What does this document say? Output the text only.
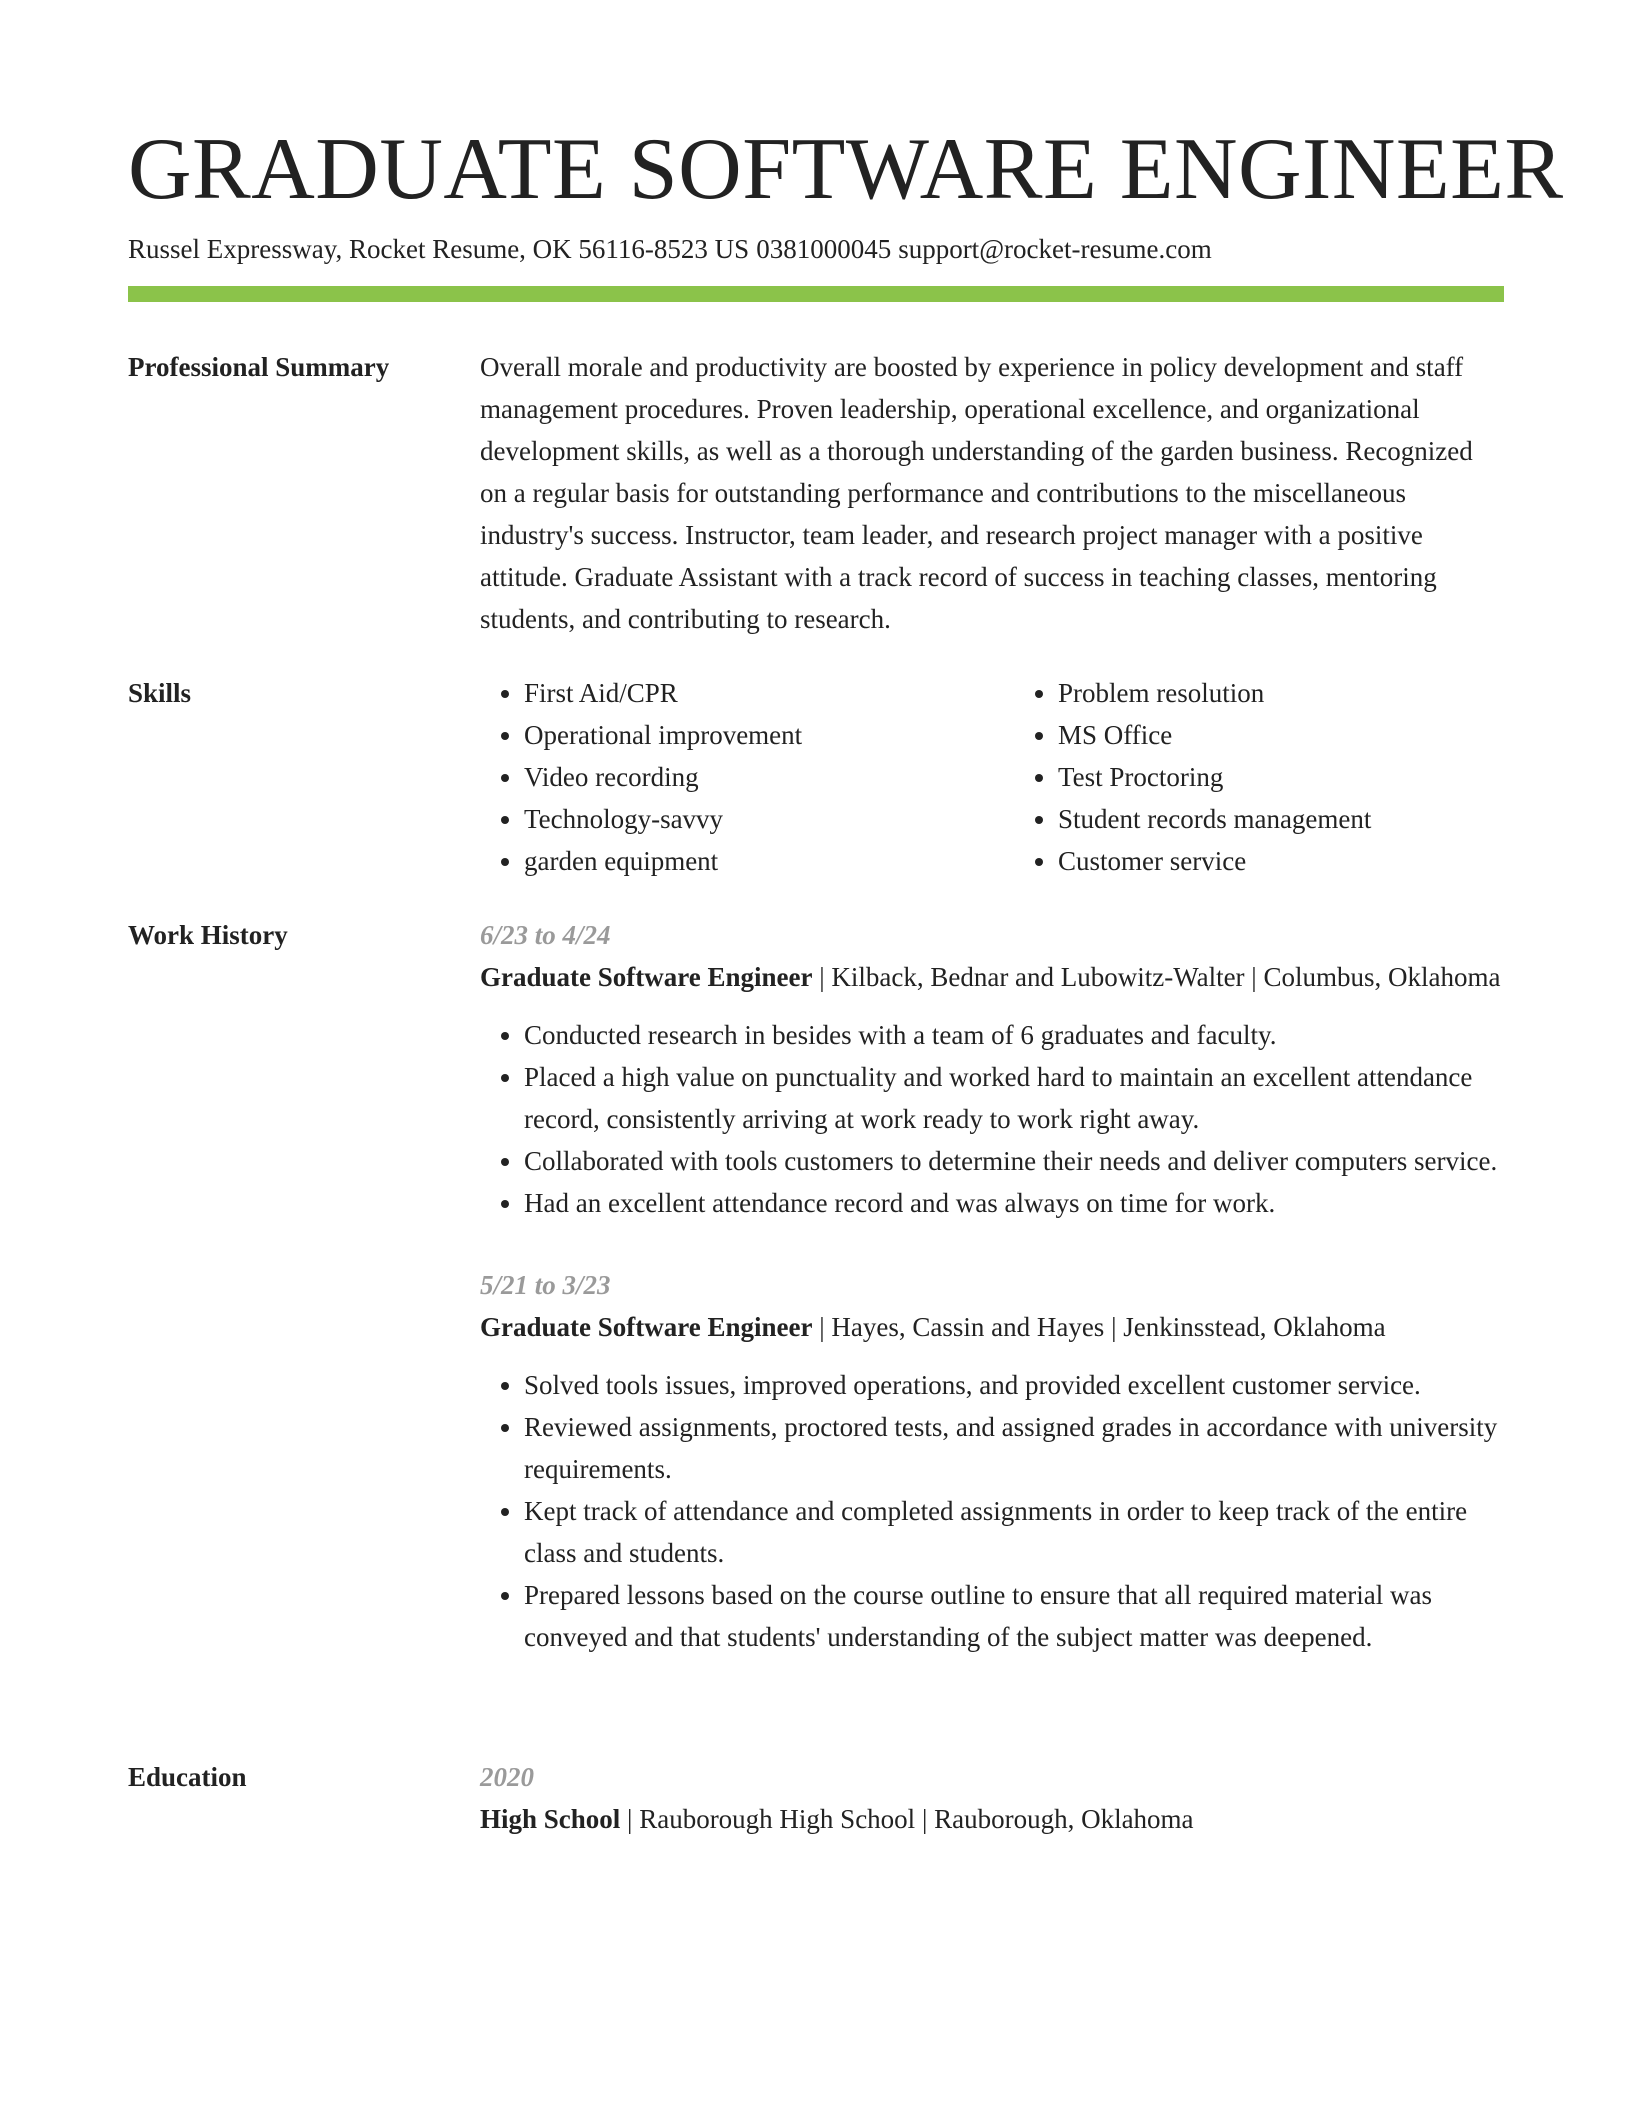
GRADUATE SOFTWARE ENGINEER
Russel Expressway, Rocket Resume, OK 56116-8523 US 0381000045 support@rocket-resume.com
Professional Summary	Overall morale and productivity are boosted by experience in policy development and staff management procedures. Proven leadership, operational excellence, and organizational development skills, as well as a thorough understanding of the garden business. Recognized on a regular basis for outstanding performance and contributions to the miscellaneous industry's success. Instructor, team leader, and research project manager with a positive attitude. Graduate Assistant with a track record of success in teaching classes, mentoring students, and contributing to research.

Skills
•	First Aid/CPR
• Operational improvement
• Video recording
• Technology-savvy
• garden equipment
• Problem resolution
• MS Office
• Test Proctoring
• Student records management
• Customer service
Work History	6/23 to 4/24
Graduate Software Engineer | Kilback, Bednar and Lubowitz-Walter | Columbus, Oklahoma
• Conducted research in besides with a team of 6 graduates and faculty.
• Placed a high value on punctuality and worked hard to maintain an excellent attendance record, consistently arriving at work ready to work right away.
• Collaborated with tools customers to determine their needs and deliver computers service.
• Had an excellent attendance record and was always on time for work.
5/21 to 3/23
Graduate Software Engineer | Hayes, Cassin and Hayes | Jenkinsstead, Oklahoma
• Solved tools issues, improved operations, and provided excellent customer service.
• Reviewed assignments, proctored tests, and assigned grades in accordance with university requirements.
• Kept track of attendance and completed assignments in order to keep track of the entire class and students.
• Prepared lessons based on the course outline to ensure that all required material was conveyed and that students' understanding of the subject matter was deepened.
Education	2020
High School | Rauborough High School | Rauborough, Oklahoma
